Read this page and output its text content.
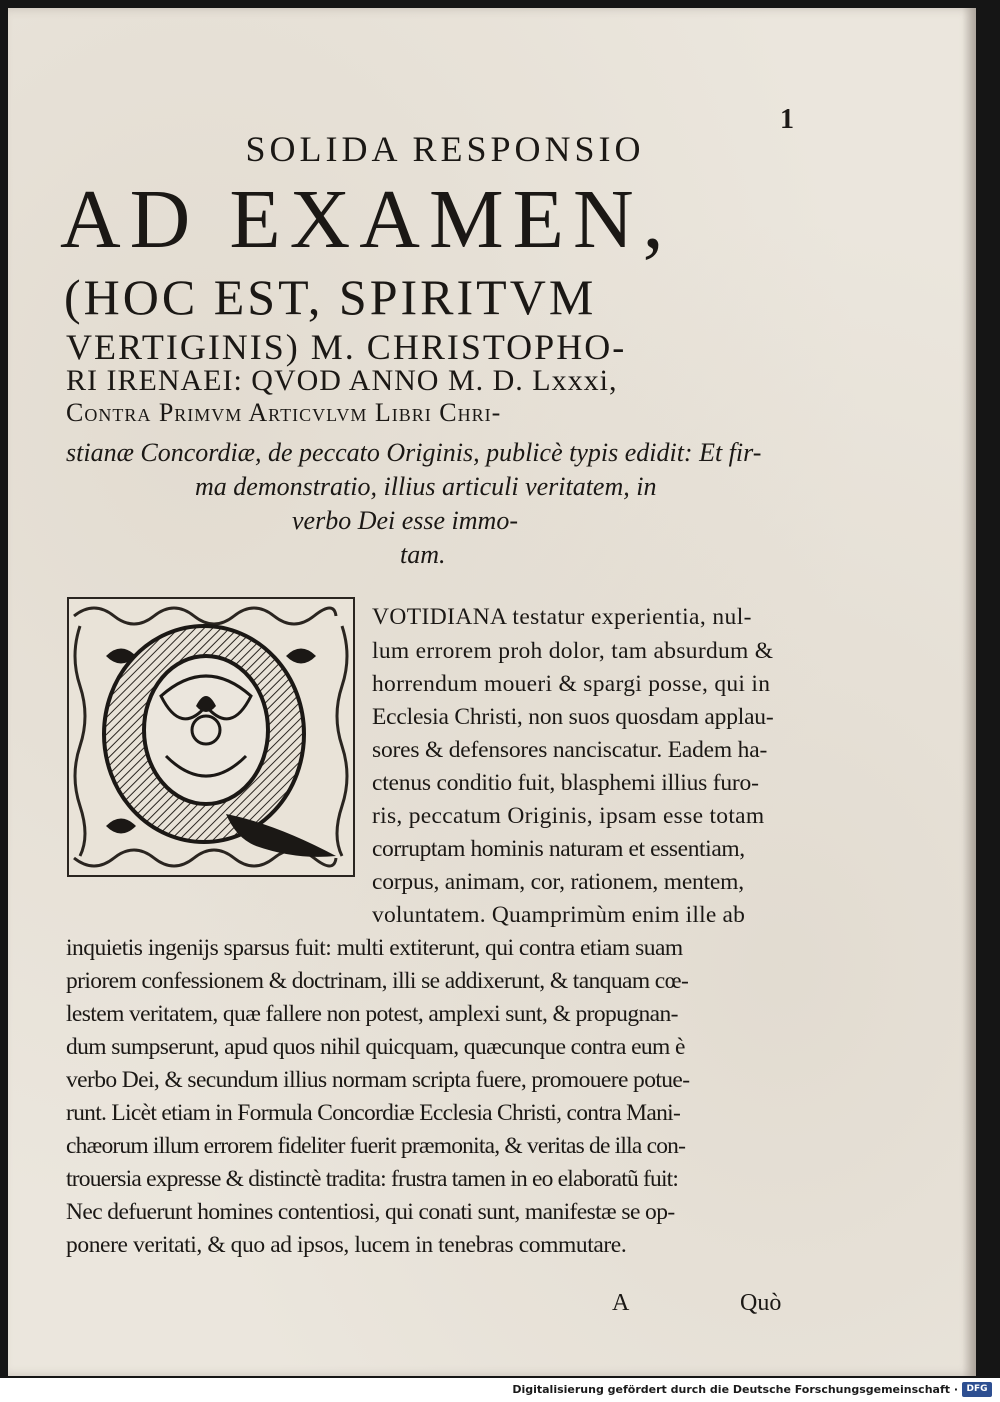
1
SOLIDA RESPONSIO
AD EXAMEN,
(HOC EST, SPIRITVM
VERTIGINIS) M. CHRISTOPHO-
RI IRENAEI: QVOD ANNO M. D. Lxxxi,
Contra Primvm Articvlvm Libri Chri-
stianæ Concordiæ, de peccato Originis, publicè typis edidit: Et fir-
ma demonstratio, illius articuli veritatem, in
verbo Dei esse immo-
tam.
VOTIDIANA testatur experientia, nul-
lum errorem proh dolor, tam absurdum &
horrendum moueri & spargi posse, qui in
Ecclesia Christi, non suos quosdam applau-
sores & defensores nanciscatur. Eadem ha-
ctenus conditio fuit, blasphemi illius furo-
ris, peccatum Originis, ipsam esse totam
corruptam hominis naturam et essentiam,
corpus, animam, cor, rationem, mentem,
voluntatem. Quamprimùm enim ille ab
inquietis ingenijs sparsus fuit: multi extiterunt, qui contra etiam suam
priorem confessionem & doctrinam, illi se addixerunt, & tanquam cœ-
lestem veritatem, quæ fallere non potest, amplexi sunt, & propugnan-
dum sumpserunt, apud quos nihil quicquam, quæcunque contra eum è
verbo Dei, & secundum illius normam scripta fuere, promouere potue-
runt. Licèt etiam in Formula Concordiæ Ecclesia Christi, contra Mani-
chæorum illum errorem fideliter fuerit præmonita, & veritas de illa con-
trouersia expresse & distinctè tradita: frustra tamen in eo elaboratũ fuit:
Nec defuerunt homines contentiosi, qui conati sunt, manifestæ se op-
ponere veritati, & quo ad ipsos, lucem in tenebras commutare.
A	Quò
Digitalisierung gefördert durch die Deutsche Forschungsgemeinschaft · DFG
